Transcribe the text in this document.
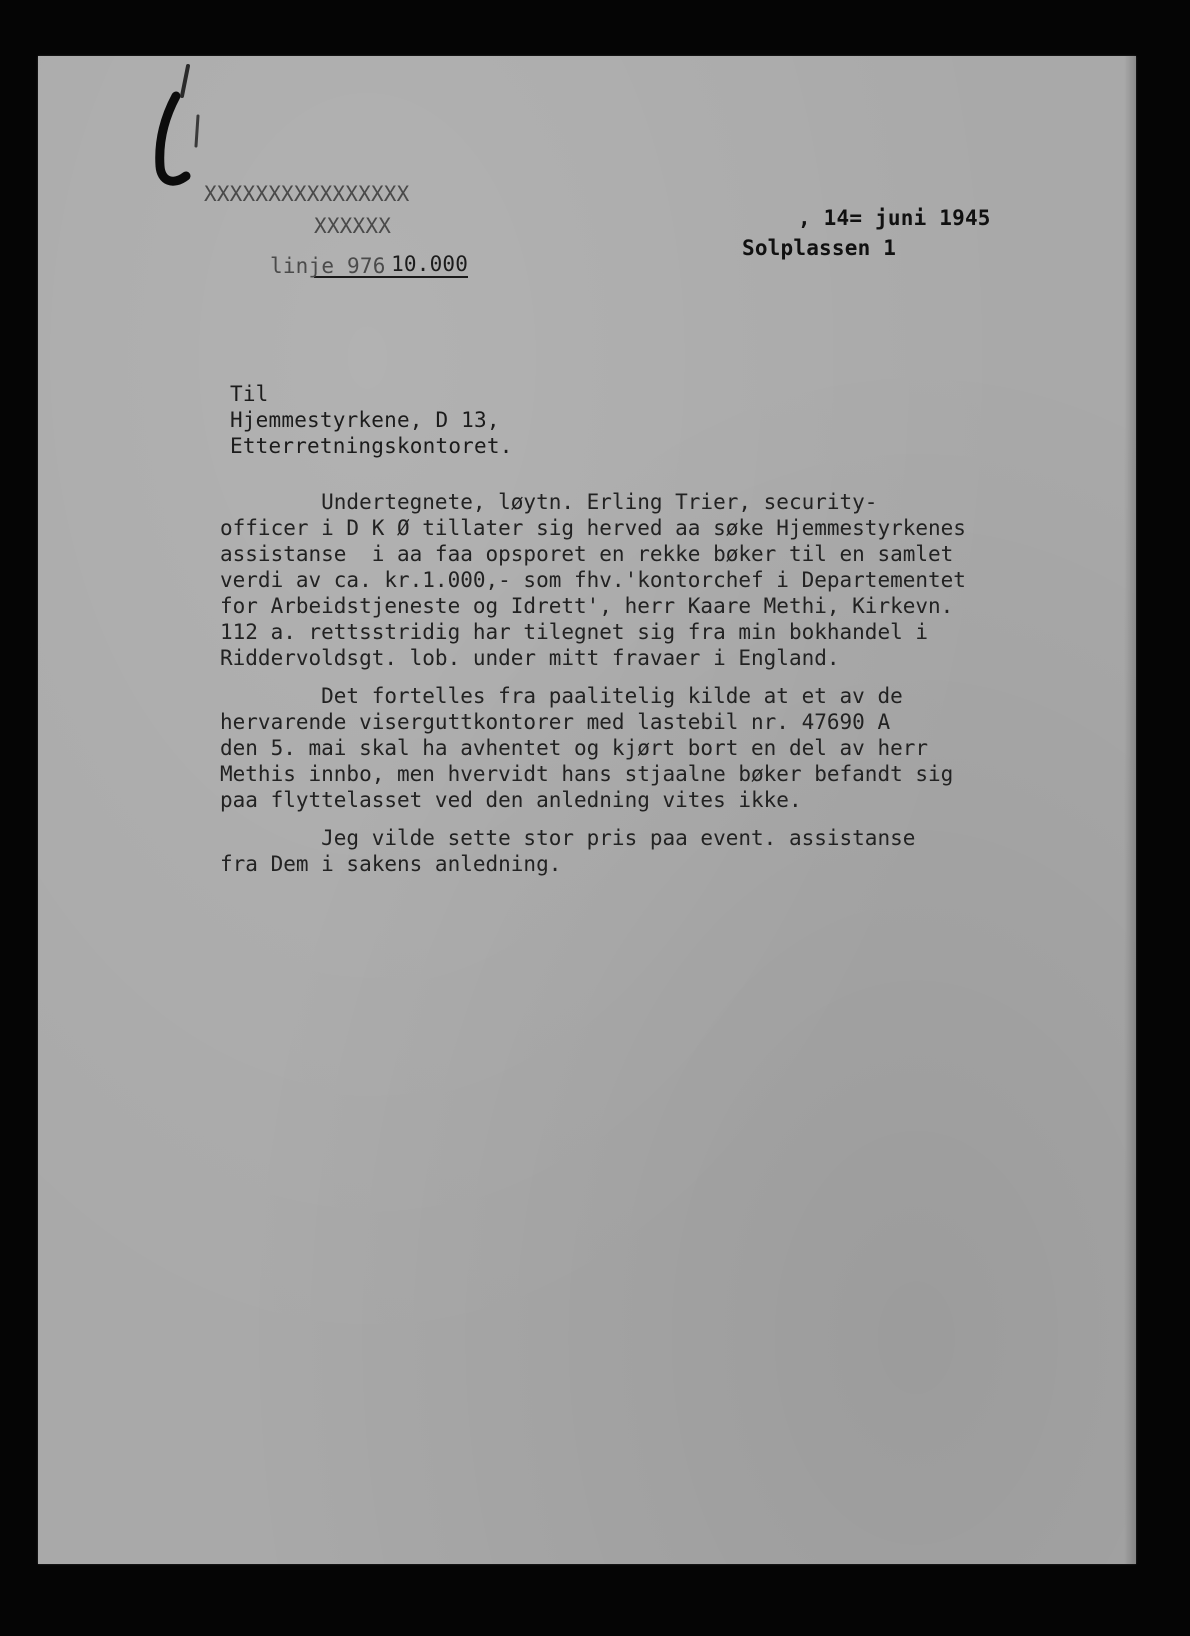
XXXXXXXXXXXXXXXX
XXXXXX

10.000

linje 976
, 14= juni 1945
Solplassen 1
Til
Hjemmestyrkene, D 13,
Etterretningskontoret.
Undertegnete, løytn. Erling Trier, security-
officer i D K Ø tillater sig herved aa søke Hjemmestyrkenes
assistanse  i aa faa opsporet en rekke bøker til en samlet
verdi av ca. kr.1.000,- som fhv.'kontorchef i Departementet
for Arbeidstjeneste og Idrett', herr Kaare Methi, Kirkevn.
112 a. rettsstridig har tilegnet sig fra min bokhandel i
Riddervoldsgt. lob. under mitt fravaer i England.
Det fortelles fra paalitelig kilde at et av de
hervarende viserguttkontorer med lastebil nr. 47690 A
den 5. mai skal ha avhentet og kjørt bort en del av herr
Methis innbo, men hvervidt hans stjaalne bøker befandt sig
paa flyttelasset ved den anledning vites ikke.
Jeg vilde sette stor pris paa event. assistanse
fra Dem i sakens anledning.
